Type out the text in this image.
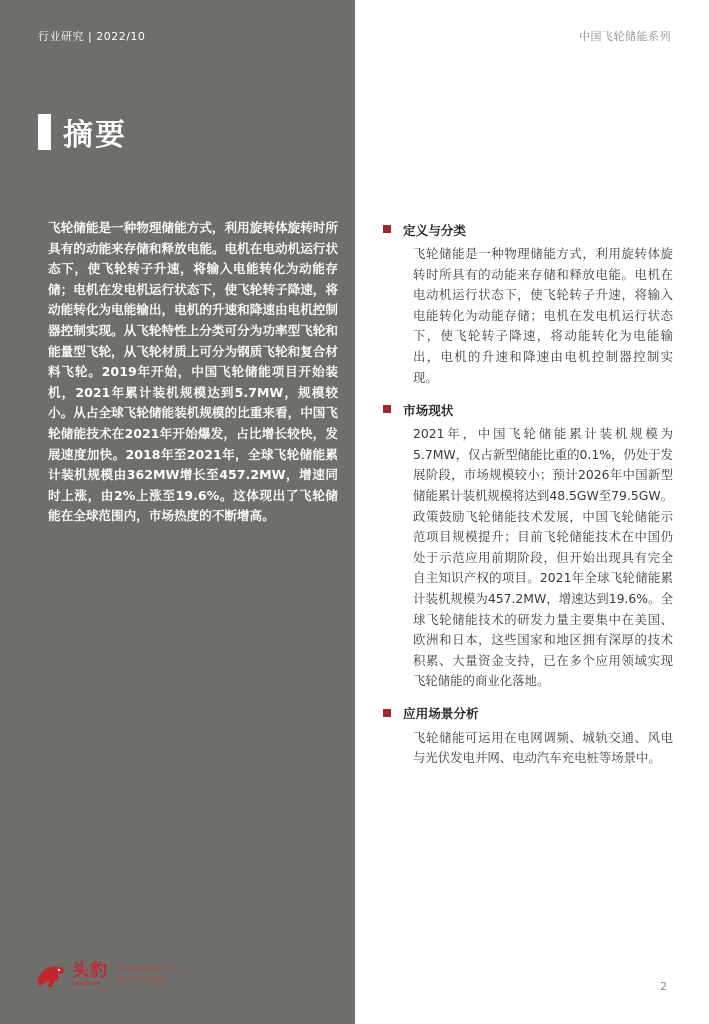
行业研究 | 2022/10	中国飞轮储能系列
摘要

飞轮储能是一种物理储能方式，利用旋转体旋转时所具有的动能来存储和释放电能。电机在电动机运行状态下，使飞轮转子升速，将输入电能转化为动能存储；电机在发电机运行状态下，使飞轮转子降速，将动能转化为电能输出，电机的升速和降速由电机控制器控制实现。从飞轮特性上分类可分为功率型飞轮和能量型飞轮，从飞轮材质上可分为钢质飞轮和复合材料飞轮。2019年开始，中国飞轮储能项目开始装机，2021年累计装机规模达到5.7MW，规模较小。从占全球飞轮储能装机规模的比重来看，中国飞轮储能技术在2021年开始爆发，占比增长较快，发展速度加快。2018年至2021年，全球飞轮储能累计装机规模由362MW增长至457.2MW，增速同时上涨，由2%上涨至19.6%。这体现出了飞轮储能在全球范围内，市场热度的不断增高。

定义与分类
飞轮储能是一种物理储能方式，利用旋转体旋转时所具有的动能来存储和释放电能。电机在电动机运行状态下，使飞轮转子升速，将输入电能转化为动能存储；电机在发电机运行状态下，使飞轮转子降速，将动能转化为电能输出，电机的升速和降速由电机控制器控制实现。
市场现状
2021年，中国飞轮储能累计装机规模为5.7MW，仅占新型储能比重的0.1%，仍处于发展阶段，市场规模较小；预计2026年中国新型储能累计装机规模将达到48.5GW至79.5GW。政策鼓励飞轮储能技术发展，中国飞轮储能示范项目规模提升；目前飞轮储能技术在中国仍处于示范应用前期阶段，但开始出现具有完全自主知识产权的项目。2021年全球飞轮储能累计装机规模为457.2MW，增速达到19.6%。全球飞轮储能技术的研发力量主要集中在美国、欧洲和日本，这些国家和地区拥有深厚的技术积累、大量资金支持，已在多个应用领域实现飞轮储能的商业化落地。
应用场景分析
飞轮储能可运用在电网调频、城轨交通、风电与光伏发电并网、电动汽车充电桩等场景中。
头豹
LeadLeo
www.leadleo.com
400-072-5588	2
